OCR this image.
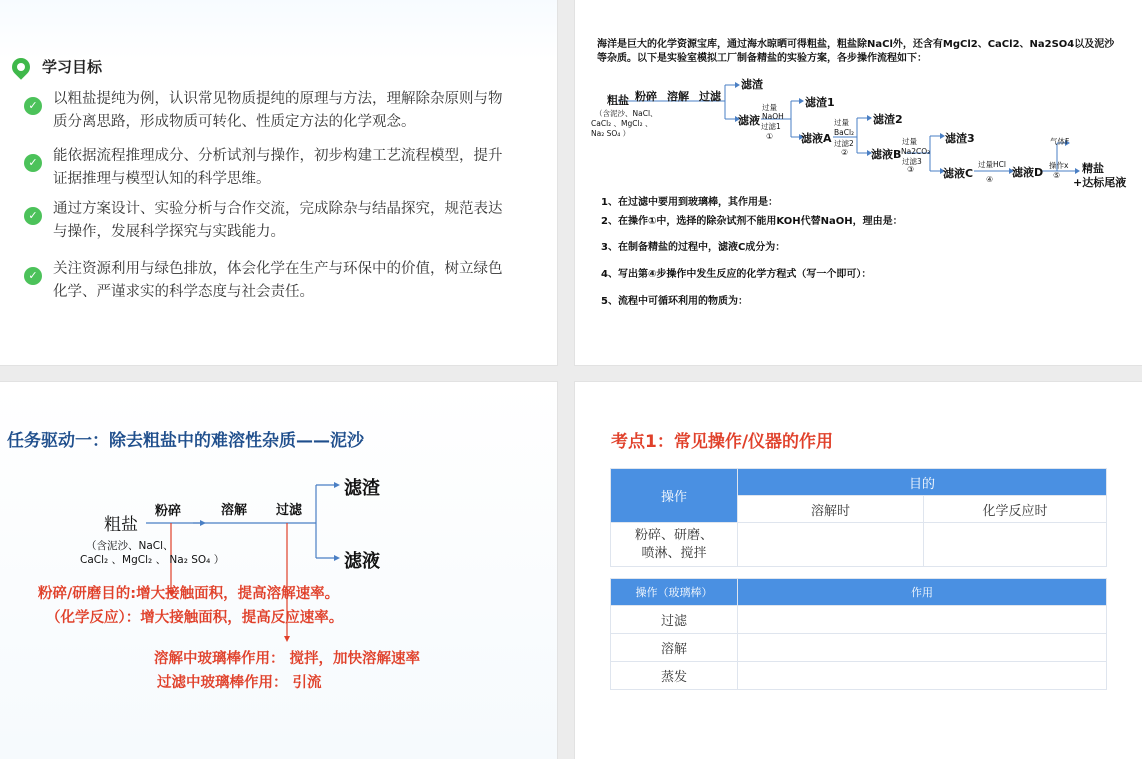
学习目标
✓	以粗盐提纯为例，认识常见物质提纯的原理与方法，理解除杂原则与物质分离思路，形成物质可转化、性质定方法的化学观念。
✓	能依据流程推理成分、分析试剂与操作，初步构建工艺流程模型，提升证据推理与模型认知的科学思维。
✓	通过方案设计、实验分析与合作交流，完成除杂与结晶探究，规范表达与操作，发展科学探究与实践能力。
✓	关注资源利用与绿色排放，体会化学在生产与环保中的价值，树立绿色化学、严谨求实的科学态度与社会责任。
海洋是巨大的化学资源宝库，通过海水晾晒可得粗盐，粗盐除NaCl外，还含有MgCl2、CaCl2、Na2SO4以及泥沙等杂质。以下是实验室模拟工厂制备精盐的实验方案，各步操作流程如下：
粗盐
（含泥沙、NaCl、
CaCl₂ 、MgCl₂ 、
Na₂ SO₄ ）
粉碎 溶解 过滤
滤渣
滤液
过量
NaOH
过滤1
①
滤渣1
滤液A
过量
BaCl₂
过滤2
②
滤渣2
滤液B
过量
Na2CO₃
过滤3
③
滤渣3
滤液C
过量HCl
④
滤液D
气体F
操作x
⑤
精盐
+达标尾液
1、在过滤中要用到玻璃棒，其作用是：
2、在操作①中，选择的除杂试剂不能用KOH代替NaOH，理由是：
3、在制备精盐的过程中，滤液C成分为：
4、写出第④步操作中发生反应的化学方程式（写一个即可）：
5、流程中可循环利用的物质为：
任务驱动一：除去粗盐中的难溶性杂质——泥沙
粗盐
（含泥沙、NaCl、
CaCl₂ 、MgCl₂ 、 Na₂ SO₄ ）
粉碎	溶解 过滤
滤渣
滤液
粉碎/研磨目的:增大接触面积，提高溶解速率。
（化学反应）：增大接触面积，提高反应速率。
溶解中玻璃棒作用： 搅拌，加快溶解速率
过滤中玻璃棒作用： 引流
考点1：常见操作/仪器的作用
操作	目的	
	溶解时	化学反应时
粉碎、研磨、喷淋、搅拌		
操作（玻璃棒）	作用
过滤	
溶解	
蒸发	
